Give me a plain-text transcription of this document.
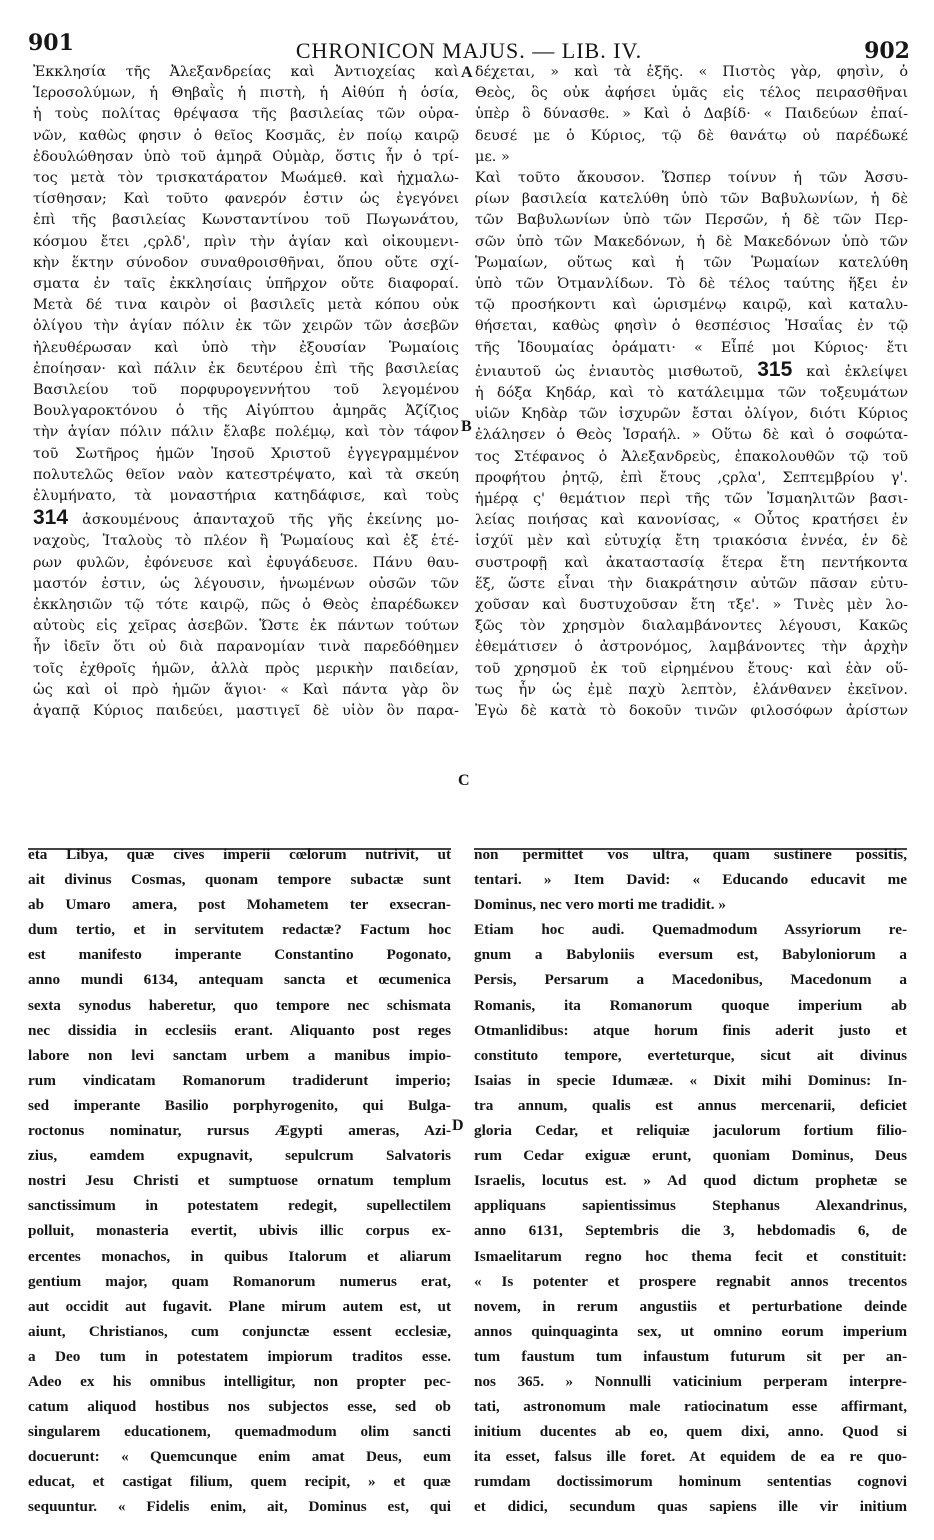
901	CHRONICON MAJUS. — LIB. IV.	902
Ἐκκλησία τῆς Ἀλεξανδρείας καὶ Ἀντιοχείας καὶ
Ἱεροσολύμων, ἡ Θηβαῒς ἡ πιστὴ, ἡ Αἰθύπ ἡ ὁσία,
ἡ τοὺς πολίτας θρέψασα τῆς βασιλείας τῶν οὐρα-
νῶν, καθὼς φησιν ὁ θεῖος Κοσμᾶς, ἐν ποίῳ καιρῷ
ἐδουλώθησαν ὑπὸ τοῦ ἀμηρᾶ Οὐμὰρ, ὅστις ἦν ὁ τρί-
τος μετὰ τὸν τρισκατάρατον Μωάμεθ. καὶ ἠχμαλω-
τίσθησαν; Καὶ τοῦτο φανερόν ἐστιν ὡς ἐγεγόνει
ἐπὶ τῆς βασιλείας Κωνσταντίνου τοῦ Πωγωνάτου,
κόσμου ἔτει ,ςρλδ', πρὶν τὴν ἁγίαν καὶ οἰκουμενι-
κὴν ἕκτην σύνοδον συναθροισθῆναι, ὅπου οὔτε σχί-
σματα ἐν ταῖς ἐκκλησίαις ὑπῆρχον οὔτε διαφοραί.
Μετὰ δέ τινα καιρὸν οἱ βασιλεῖς μετὰ κόπου οὐκ
ὀλίγου τὴν ἁγίαν πόλιν ἐκ τῶν χειρῶν τῶν ἀσεβῶν
ἠλευθέρωσαν καὶ ὑπὸ τὴν ἐξουσίαν Ῥωμαίοις
ἐποίησαν· καὶ πάλιν ἐκ δευτέρου ἐπὶ τῆς βασιλείας
Βασιλείου τοῦ πορφυρογεννήτου τοῦ λεγομένου
Βουλγαροκτόνου ὁ τῆς Αἰγύπτου ἀμηρᾶς Ἀζίζιος
τὴν ἁγίαν πόλιν πάλιν ἔλαβε πολέμῳ, καὶ τὸν τάφον
τοῦ Σωτῆρος ἡμῶν Ἰησοῦ Χριστοῦ ἐγγεγραμμένον
πολυτελῶς θεῖον ναὸν κατεστρέψατο, καὶ τὰ σκεύη
ἐλυμήνατο, τὰ μοναστήρια κατηδάφισε, καὶ τοὺς
314 ἀσκουμένους ἁπανταχοῦ τῆς γῆς ἐκείνης μο-
ναχοὺς, Ἰταλοὺς τὸ πλέον ἢ Ῥωμαίους καὶ ἐξ ἑτέ-
ρων φυλῶν, ἐφόνευσε καὶ ἐφυγάδευσε. Πάνυ θαυ-
μαστόν ἐστιν, ὡς λέγουσιν, ἡνωμένων οὐσῶν τῶν
ἐκκλησιῶν τῷ τότε καιρῷ, πῶς ὁ Θεὸς ἐπαρέδωκεν
αὐτοὺς εἰς χεῖρας ἀσεβῶν. Ὥστε ἐκ πάντων τούτων
ἦν ἰδεῖν ὅτι οὐ διὰ παρανομίαν τινὰ παρεδόθημεν
τοῖς ἐχθροῖς ἡμῶν, ἀλλὰ πρὸς μερικὴν παιδείαν,
ὡς καὶ οἱ πρὸ ἡμῶν ἅγιοι· « Καὶ πάντα γὰρ ὃν
ἀγαπᾷ Κύριος παιδεύει, μαστιγεῖ δὲ υἱὸν ὃν παρα-
δέχεται, » καὶ τὰ ἑξῆς. « Πιστὸς γὰρ, φησὶν, ὁ
Θεὸς, ὃς οὐκ ἀφήσει ὑμᾶς εἰς τέλος πειρασθῆναι
ὑπὲρ ὃ δύνασθε. » Καὶ ὁ Δαβίδ· « Παιδεύων ἐπαί-
δευσέ με ὁ Κύριος, τῷ δὲ θανάτῳ οὐ παρέδωκέ
με. »
Καὶ τοῦτο ἄκουσον. Ὥσπερ τοίνυν ἡ τῶν Ἀσσυ-
ρίων βασιλεία κατελύθη ὑπὸ τῶν Βαβυλωνίων, ἡ δὲ
τῶν Βαβυλωνίων ὑπὸ τῶν Περσῶν, ἡ δὲ τῶν Περ-
σῶν ὑπὸ τῶν Μακεδόνων, ἡ δὲ Μακεδόνων ὑπὸ τῶν
Ῥωμαίων, οὕτως καὶ ἡ τῶν Ῥωμαίων κατελύθη
ὑπὸ τῶν Ὀτμανλίδων. Τὸ δὲ τέλος ταύτης ἥξει ἐν
τῷ προσήκοντι καὶ ὡρισμένῳ καιρῷ, καὶ καταλυ-
θήσεται, καθὼς φησὶν ὁ θεσπέσιος Ἠσαΐας ἐν τῷ
τῆς Ἰδουμαίας ὁράματι· « Εἶπέ μοι Κύριος· ἔτι
ἐνιαυτοῦ ὡς ἐνιαυτὸς μισθωτοῦ, 315 καὶ ἐκλείψει
ἡ δόξα Κηδάρ, καὶ τὸ κατάλειμμα τῶν τοξευμάτων
υἱῶν Κηδὰρ τῶν ἰσχυρῶν ἔσται ὀλίγον, διότι Κύριος
ἐλάλησεν ὁ Θεὸς Ἰσραήλ. » Οὕτω δὲ καὶ ὁ σοφώτα-
τος Στέφανος ὁ Ἀλεξανδρεὺς, ἐπακολουθῶν τῷ τοῦ
προφήτου ῥητῷ, ἐπὶ ἔτους ,ςρλα', Σεπτεμβρίου γ'.
ἡμέρᾳ ς' θεμάτιον περὶ τῆς τῶν Ἰσμαηλιτῶν βασι-
λείας ποιήσας καὶ κανονίσας, « Οὗτος κρατήσει ἐν
ἰσχύϊ μὲν καὶ εὐτυχίᾳ ἔτη τριακόσια ἐννέα, ἐν δὲ
συστροφῇ καὶ ἀκαταστασίᾳ ἕτερα ἔτη πεντήκοντα
ἕξ, ὥστε εἶναι τὴν διακράτησιν αὐτῶν πᾶσαν εὐτυ-
χοῦσαν καὶ δυστυχοῦσαν ἔτη τξε'. » Τινὲς μὲν λο-
ξῶς τὸν χρησμὸν διαλαμβάνοντες λέγουσι, Κακῶς
ἐθεμάτισεν ὁ ἀστρονόμος, λαμβάνοντες τὴν ἀρχὴν
τοῦ χρησμοῦ ἐκ τοῦ εἰρημένου ἔτους· καὶ ἐὰν οὕ-
τως ἦν ὡς ἐμὲ παχὺ λεπτὸν, ἐλάνθανεν ἐκεῖνον.
Ἐγὼ δὲ κατὰ τὸ δοκοῦν τινῶν φιλοσόφων ἀρίστων
eta Libya, quæ cives imperii cœlorum nutrivit, ut
ait divinus Cosmas, quonam tempore subactæ sunt
ab Umaro amera, post Mohametem ter exsecran-
dum tertio, et in servitutem redactæ? Factum hoc
est manifesto imperante Constantino Pogonato,
anno mundi 6134, antequam sancta et œcumenica
sexta synodus haberetur, quo tempore nec schismata
nec dissidia in ecclesiis erant. Aliquanto post reges
labore non levi sanctam urbem a manibus impio-
rum vindicatam Romanorum tradiderunt imperio;
sed imperante Basilio porphyrogenito, qui Bulga-
roctonus nominatur, rursus Ægypti ameras, Azi-
zius, eamdem expugnavit, sepulcrum Salvatoris
nostri Jesu Christi et sumptuose ornatum templum
sanctissimum in potestatem redegit, supellectilem
polluit, monasteria evertit, ubivis illic corpus ex-
ercentes monachos, in quibus Italorum et aliarum
gentium major, quam Romanorum numerus erat,
aut occidit aut fugavit. Plane mirum autem est, ut
aiunt, Christianos, cum conjunctæ essent ecclesiæ,
a Deo tum in potestatem impiorum traditos esse.
Adeo ex his omnibus intelligitur, non propter pec-
catum aliquod hostibus nos subjectos esse, sed ob
singularem educationem, quemadmodum olim sancti
docuerunt: « Quemcunque enim amat Deus, eum
educat, et castigat filium, quem recipit, » et quæ
sequuntur. « Fidelis enim, ait, Dominus est, qui
non permittet vos ultra, quam sustinere possitis,
tentari. » Item David: « Educando educavit me
Dominus, nec vero morti me tradidit. »
Etiam hoc audi. Quemadmodum Assyriorum re-
gnum a Babyloniis eversum est, Babyloniorum a
Persis, Persarum a Macedonibus, Macedonum a
Romanis, ita Romanorum quoque imperium ab
Otmanlidibus: atque horum finis aderit justo et
constituto tempore, everteturque, sicut ait divinus
Isaias in specie Idumææ. « Dixit mihi Dominus: In-
tra annum, qualis est annus mercenarii, deficiet
gloria Cedar, et reliquiæ jaculorum fortium filio-
rum Cedar exiguæ erunt, quoniam Dominus, Deus
Israelis, locutus est. » Ad quod dictum prophetæ se
appliquans sapientissimus Stephanus Alexandrinus,
anno 6131, Septembris die 3, hebdomadis 6, de
Ismaelitarum regno hoc thema fecit et constituit:
« Is potenter et prospere regnabit annos trecentos
novem, in rerum angustiis et perturbatione deinde
annos quinquaginta sex, ut omnino eorum imperium
tum faustum tum infaustum futurum sit per an-
nos 365. » Nonnulli vaticinium perperam interpre-
tati, astronomum male ratiocinatum esse affirmant,
initium ducentes ab eo, quem dixi, anno. Quod si
ita esset, falsus ille foret. At equidem de ea re quo-
rumdam doctissimorum hominum sententias cognovi
et didici, secundum quas sapiens ille vir initium
A
B
C
D
